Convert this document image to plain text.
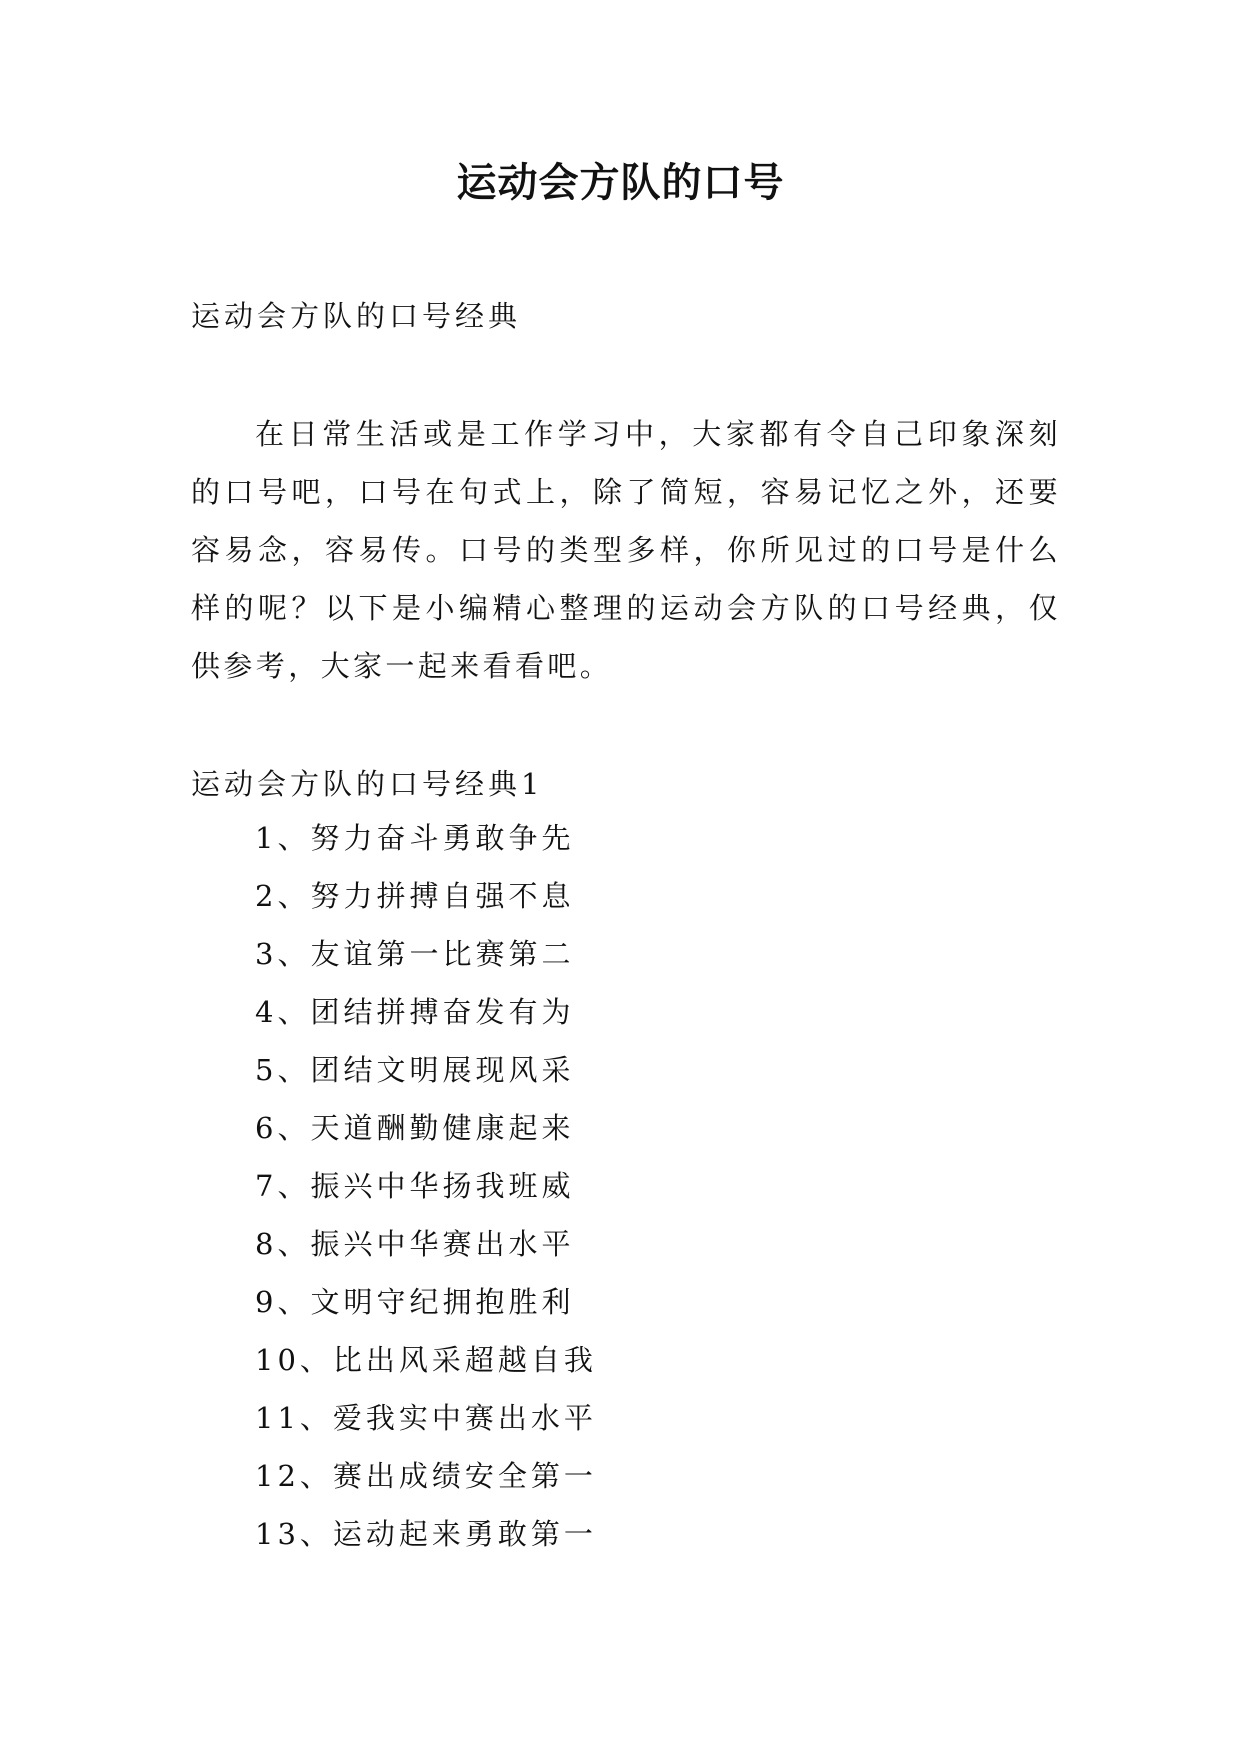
运动会方队的口号

运动会方队的口号经典

在日常生活或是工作学习中，大家都有令自己印象深刻的口号吧，口号在句式上，除了简短，容易记忆之外，还要容易念，容易传。口号的类型多样，你所见过的口号是什么样的呢？以下是小编精心整理的运动会方队的口号经典，仅供参考，大家一起来看看吧。

运动会方队的口号经典1

1、努力奋斗勇敢争先
2、努力拼搏自强不息
3、友谊第一比赛第二
4、团结拼搏奋发有为
5、团结文明展现风采
6、天道酬勤健康起来
7、振兴中华扬我班威
8、振兴中华赛出水平
9、文明守纪拥抱胜利
10、比出风采超越自我
11、爱我实中赛出水平
12、赛出成绩安全第一
13、运动起来勇敢第一
